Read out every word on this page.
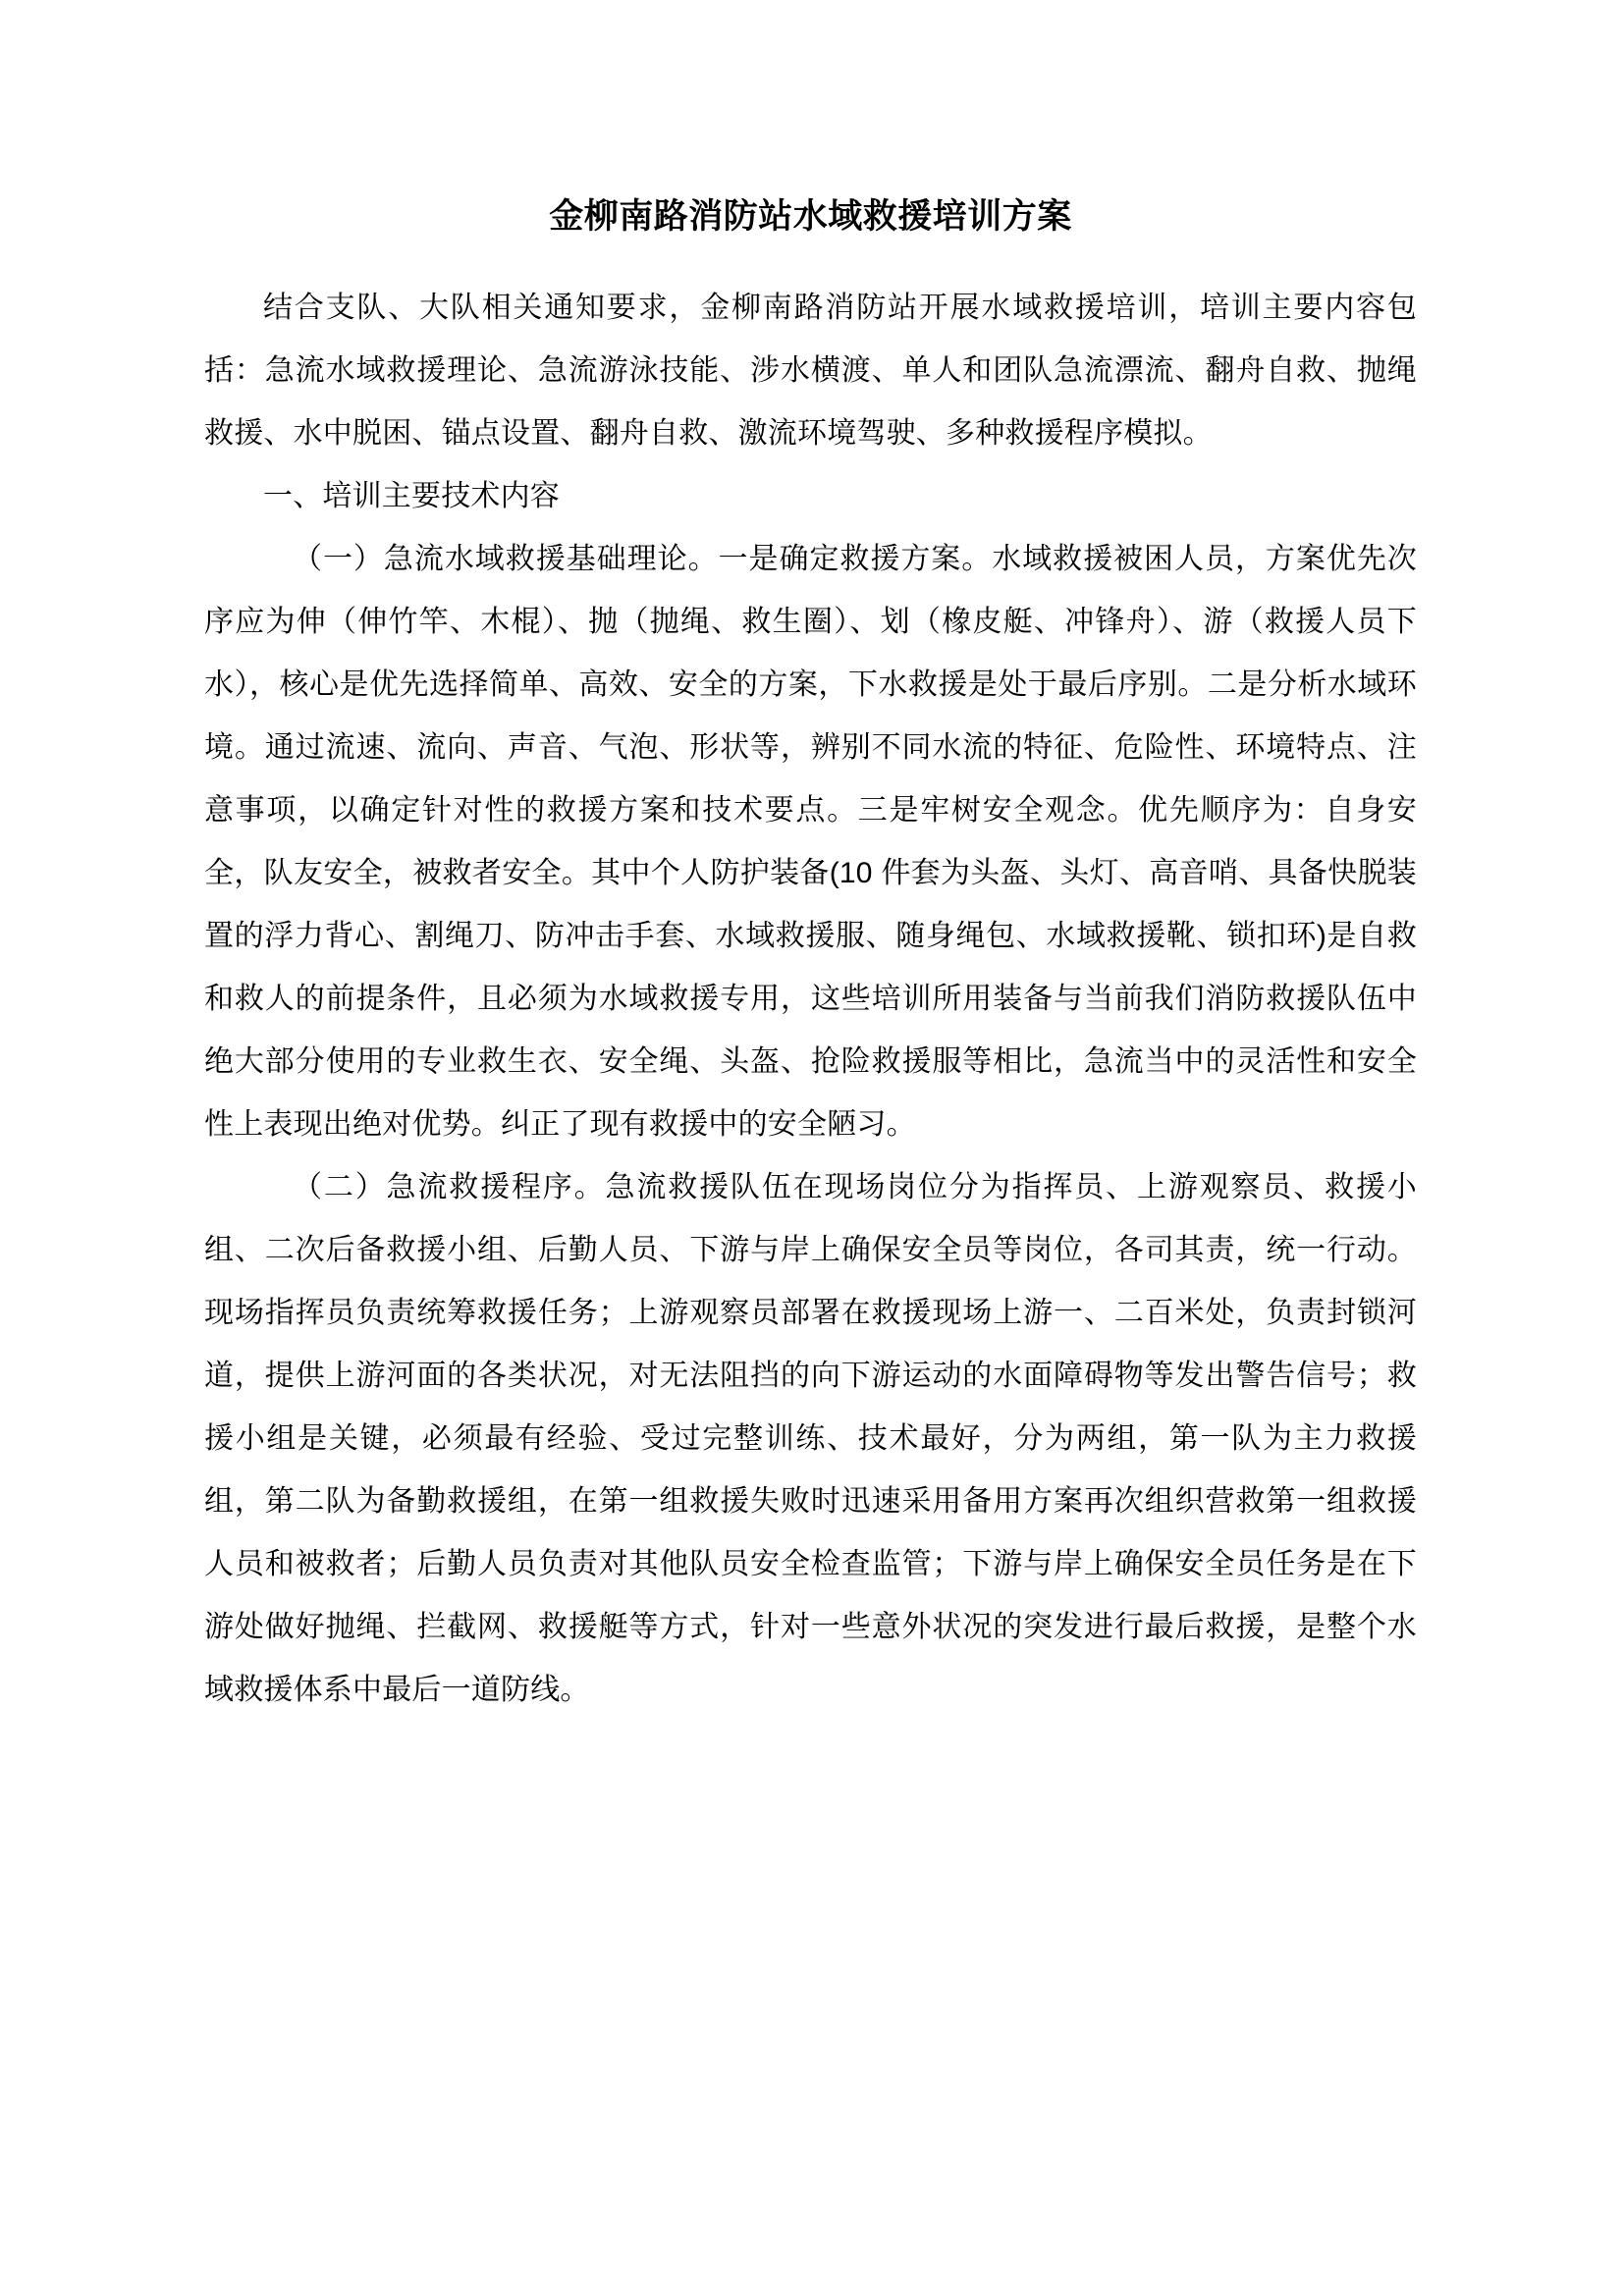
金柳南路消防站水域救援培训方案

结合支队、大队相关通知要求，金柳南路消防站开展水域救援培训，培训主要内容包括：急流水域救援理论、急流游泳技能、涉水横渡、单人和团队急流漂流、翻舟自救、抛绳救援、水中脱困、锚点设置、翻舟自救、激流环境驾驶、多种救援程序模拟。

一、培训主要技术内容

（一）急流水域救援基础理论。一是确定救援方案。水域救援被困人员，方案优先次序应为伸（伸竹竿、木棍）、抛（抛绳、救生圈）、划（橡皮艇、冲锋舟）、游（救援人员下水），核心是优先选择简单、高效、安全的方案，下水救援是处于最后序别。二是分析水域环境。通过流速、流向、声音、气泡、形状等，辨别不同水流的特征、危险性、环境特点、注意事项，以确定针对性的救援方案和技术要点。三是牢树安全观念。优先顺序为：自身安全，队友安全，被救者安全。其中个人防护装备(10 件套为头盔、头灯、高音哨、具备快脱装置的浮力背心、割绳刀、防冲击手套、水域救援服、随身绳包、水域救援靴、锁扣环)是自救和救人的前提条件，且必须为水域救援专用，这些培训所用装备与当前我们消防救援队伍中绝大部分使用的专业救生衣、安全绳、头盔、抢险救援服等相比，急流当中的灵活性和安全性上表现出绝对优势。纠正了现有救援中的安全陋习。

（二）急流救援程序。急流救援队伍在现场岗位分为指挥员、上游观察员、救援小组、二次后备救援小组、后勤人员、下游与岸上确保安全员等岗位，各司其责，统一行动。现场指挥员负责统筹救援任务；上游观察员部署在救援现场上游一、二百米处，负责封锁河道，提供上游河面的各类状况，对无法阻挡的向下游运动的水面障碍物等发出警告信号；救援小组是关键，必须最有经验、受过完整训练、技术最好，分为两组，第一队为主力救援组，第二队为备勤救援组，在第一组救援失败时迅速采用备用方案再次组织营救第一组救援人员和被救者；后勤人员负责对其他队员安全检查监管；下游与岸上确保安全员任务是在下游处做好抛绳、拦截网、救援艇等方式，针对一些意外状况的突发进行最后救援，是整个水域救援体系中最后一道防线。
